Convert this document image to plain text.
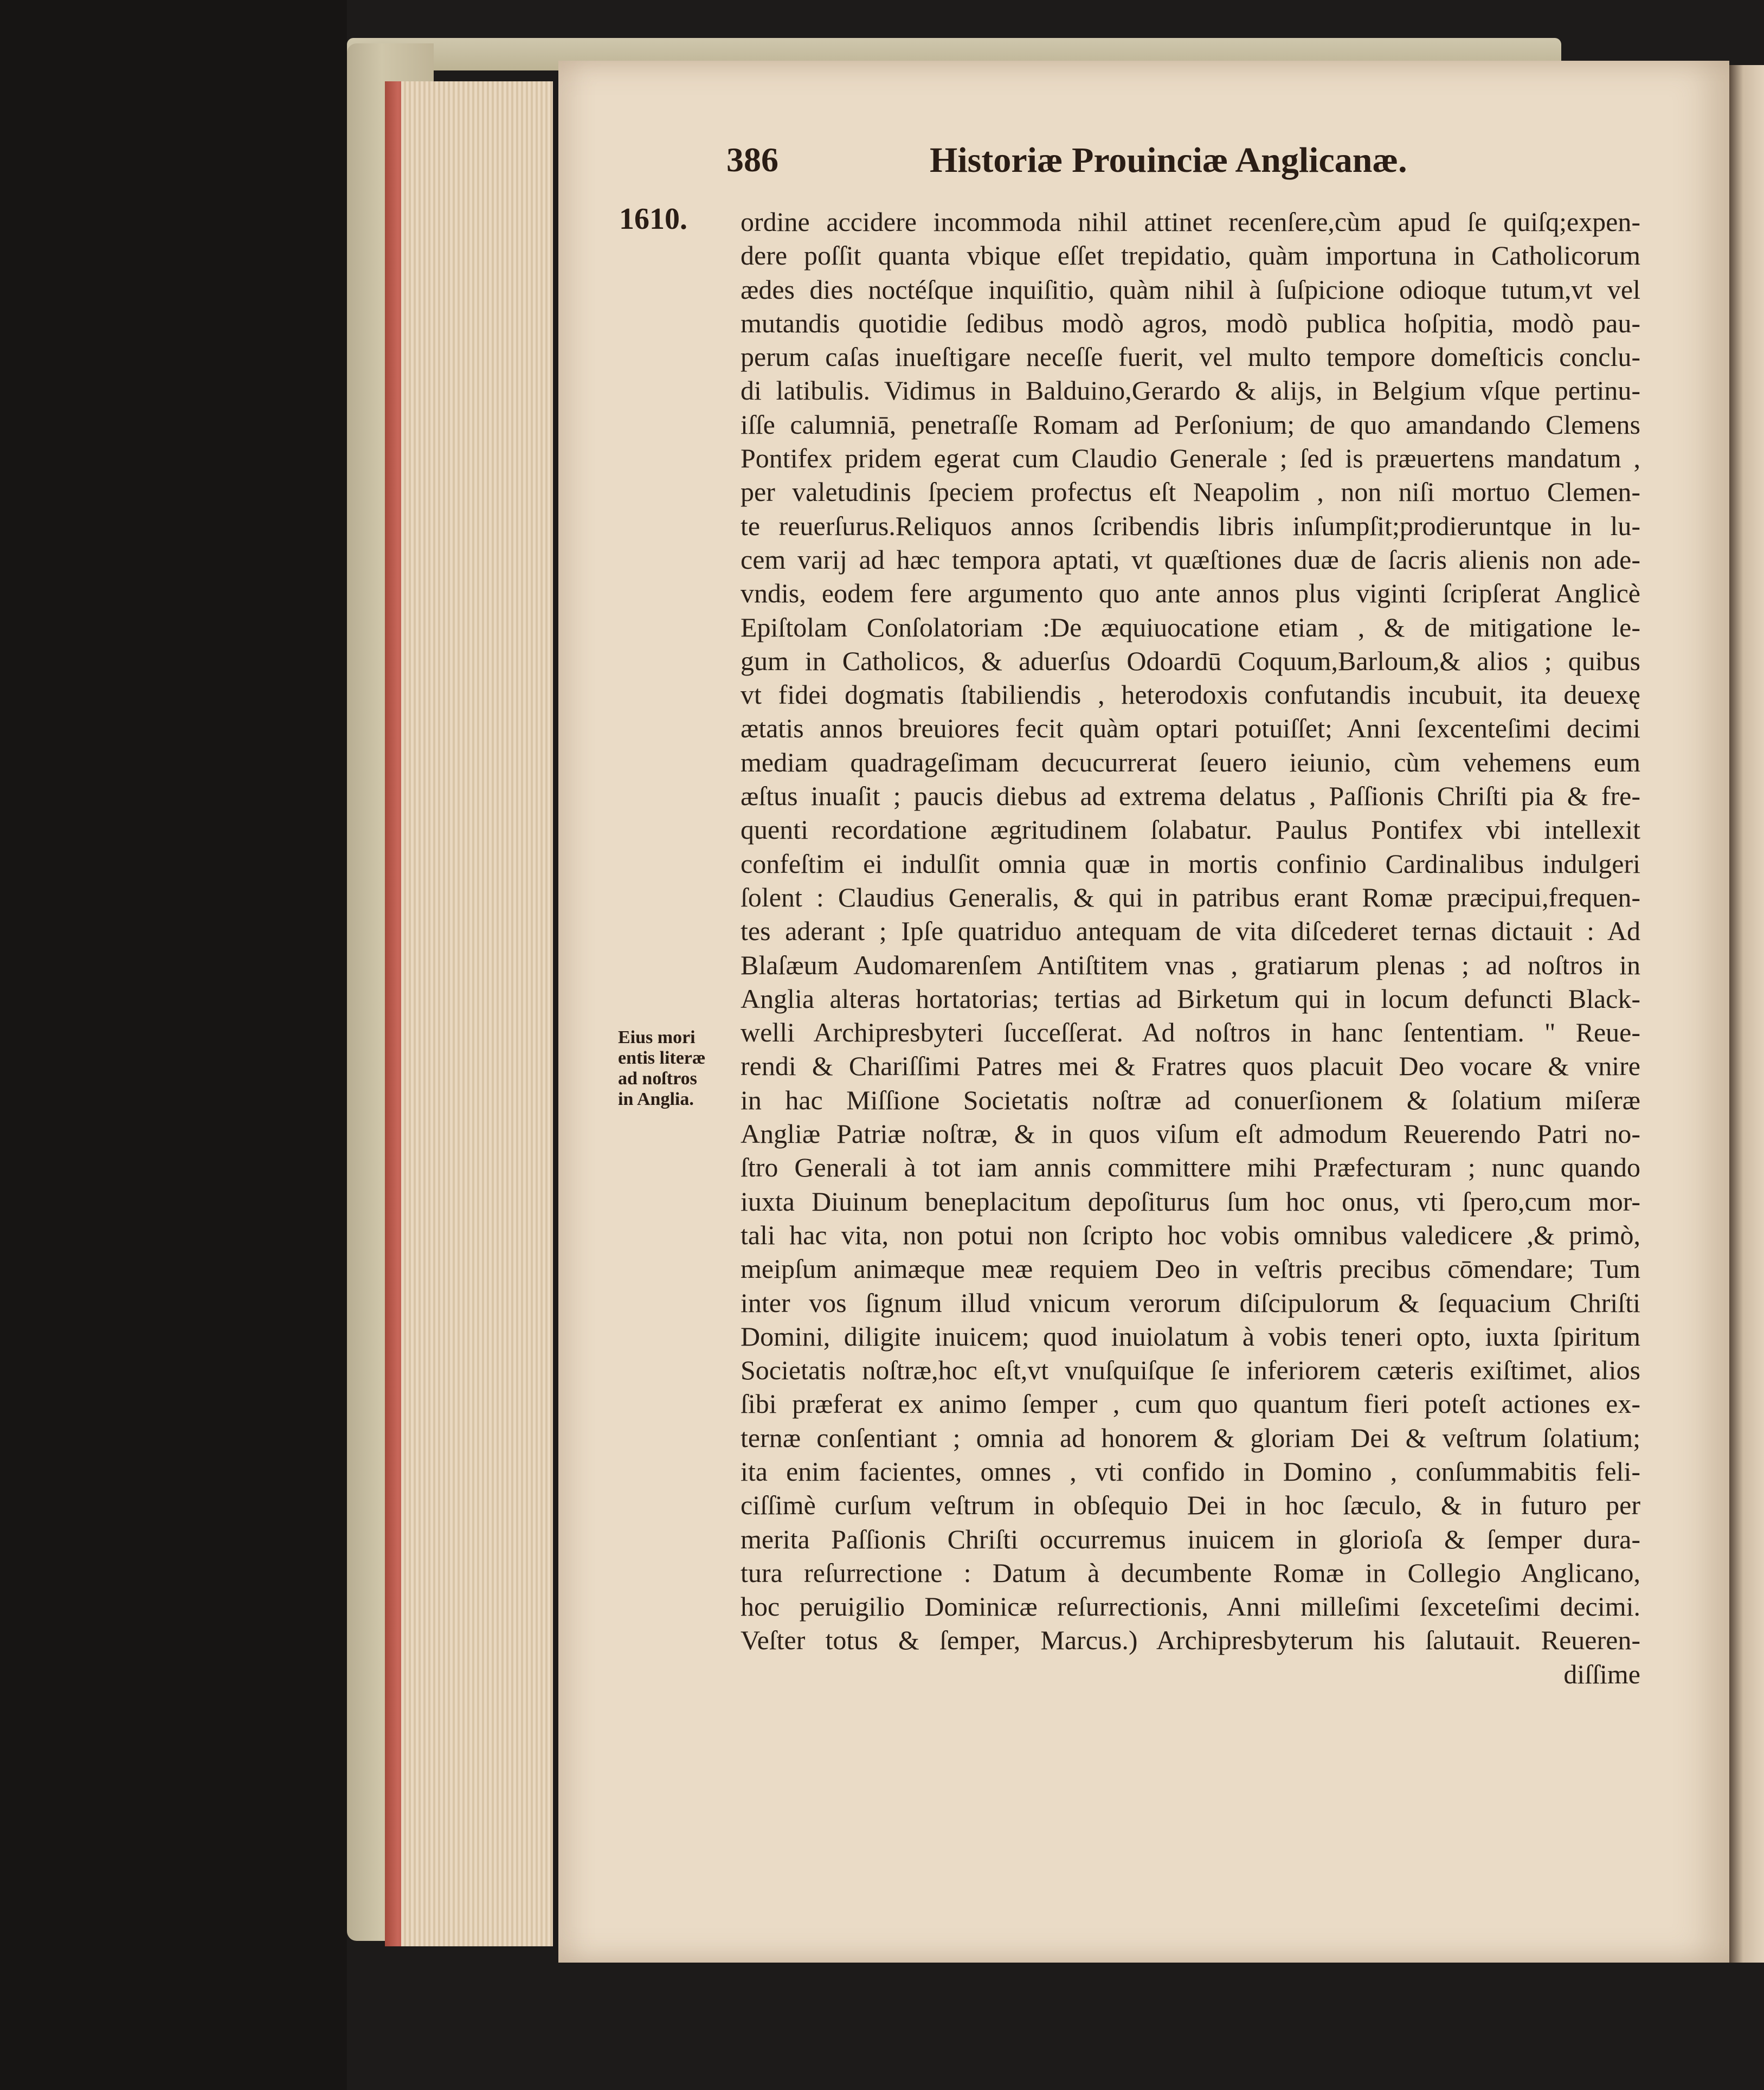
386	Historiæ Prouinciæ Anglicanæ.
1610.
Eius mori
entis literæ
ad noſtros
in Anglia.
ordine accidere incommoda nihil attinet recenſere,cùm apud ſe quiſq;expen-
dere poſſit quanta vbique eſſet trepidatio, quàm importuna in Catholicorum
ædes dies noctéſque inquiſitio, quàm nihil à ſuſpicione odioque tutum,vt vel
mutandis quotidie ſedibus modò agros, modò publica hoſpitia, modò pau-
perum caſas inueſtigare neceſſe fuerit, vel multo tempore domeſticis conclu-
di latibulis. Vidimus in Balduino,Gerardo & alijs, in Belgium vſque pertinu-
iſſe calumniā, penetraſſe Romam ad Perſonium; de quo amandando Clemens
Pontifex pridem egerat cum Claudio Generale ; ſed is præuertens mandatum ,
per valetudinis ſpeciem profectus eſt Neapolim , non niſi mortuo Clemen-
te reuerſurus.Reliquos annos ſcribendis libris inſumpſit;prodieruntque in lu-
cem varij ad hæc tempora aptati, vt quæſtiones duæ de ſacris alienis non ade-
vndis, eodem fere argumento quo ante annos plus viginti ſcripſerat Anglicè
Epiſtolam Conſolatoriam :De æquiuocatione etiam , & de mitigatione le-
gum in Catholicos, & aduerſus Odoardū Coquum,Barloum,& alios ; quibus
vt fidei dogmatis ſtabiliendis , heterodoxis confutandis incubuit, ita deuexę
ætatis annos breuiores fecit quàm optari potuiſſet; Anni ſexcenteſimi decimi
mediam quadrageſimam decucurrerat ſeuero ieiunio, cùm vehemens eum
æſtus inuaſit ; paucis diebus ad extrema delatus , Paſſionis Chriſti pia & fre-
quenti recordatione ægritudinem ſolabatur. Paulus Pontifex vbi intellexit
confeſtim ei indulſit omnia quæ in mortis confinio Cardinalibus indulgeri
ſolent : Claudius Generalis, & qui in patribus erant Romæ præcipui,frequen-
tes aderant ; Ipſe quatriduo antequam de vita diſcederet ternas dictauit : Ad
Blaſæum Audomarenſem Antiſtitem vnas , gratiarum plenas ; ad noſtros in
Anglia alteras hortatorias; tertias ad Birketum qui in locum defuncti Black-
welli Archipresbyteri ſucceſſerat. Ad noſtros in hanc ſententiam. " Reue-
rendi & Chariſſimi Patres mei & Fratres quos placuit Deo vocare & vnire
in hac Miſſione Societatis noſtræ ad conuerſionem & ſolatium miſeræ
Angliæ Patriæ noſtræ, & in quos viſum eſt admodum Reuerendo Patri no-
ſtro Generali à tot iam annis committere mihi Præfecturam ; nunc quando
iuxta Diuinum beneplacitum depoſiturus ſum hoc onus, vti ſpero,cum mor-
tali hac vita, non potui non ſcripto hoc vobis omnibus valedicere ,& primò,
meipſum animæque meæ requiem Deo in veſtris precibus cōmendare; Tum
inter vos ſignum illud vnicum verorum diſcipulorum & ſequacium Chriſti
Domini, diligite inuicem; quod inuiolatum à vobis teneri opto, iuxta ſpiritum
Societatis noſtræ,hoc eſt,vt vnuſquiſque ſe inferiorem cæteris exiſtimet, alios
ſibi præferat ex animo ſemper , cum quo quantum fieri poteſt actiones ex-
ternæ conſentiant ; omnia ad honorem & gloriam Dei & veſtrum ſolatium;
ita enim facientes, omnes , vti confido in Domino , conſummabitis feli-
ciſſimè curſum veſtrum in obſequio Dei in hoc ſæculo, & in futuro per
merita Paſſionis Chriſti occurremus inuicem in glorioſa & ſemper dura-
tura reſurrectione : Datum à decumbente Romæ in Collegio Anglicano,
hoc peruigilio Dominicæ reſurrectionis, Anni milleſimi ſexceteſimi decimi.
Veſter totus & ſemper, Marcus.) Archipresbyterum his ſalutauit. Reueren-
diſſime
